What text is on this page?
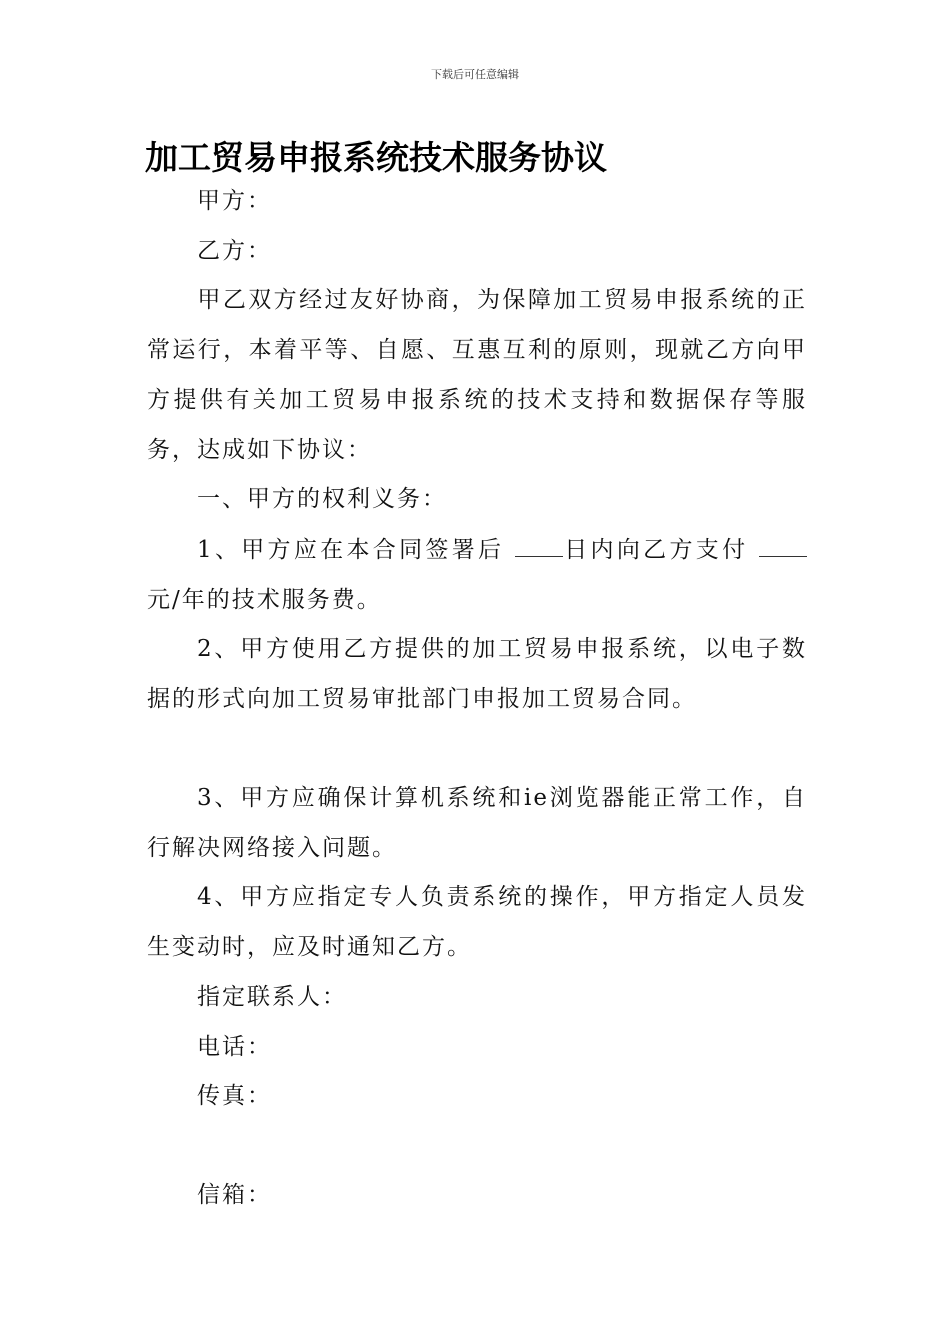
下载后可任意编辑
加工贸易申报系统技术服务协议
甲方：
乙方：
甲乙双方经过友好协商，为保障加工贸易申报系统的正常运行，本着平等、自愿、互惠互利的原则，现就乙方向甲方提供有关加工贸易申报系统的技术支持和数据保存等服务，达成如下协议：
一、甲方的权利义务：
1、甲方应在本合同签署后	日内向乙方支付 元/年的技术服务费。
2、甲方使用乙方提供的加工贸易申报系统，以电子数据的形式向加工贸易审批部门申报加工贸易合同。
3、甲方应确保计算机系统和ie浏览器能正常工作，自行解决网络接入问题。
4、甲方应指定专人负责系统的操作，甲方指定人员发生变动时，应及时通知乙方。
指定联系人：
电话：
传真：
信箱：
